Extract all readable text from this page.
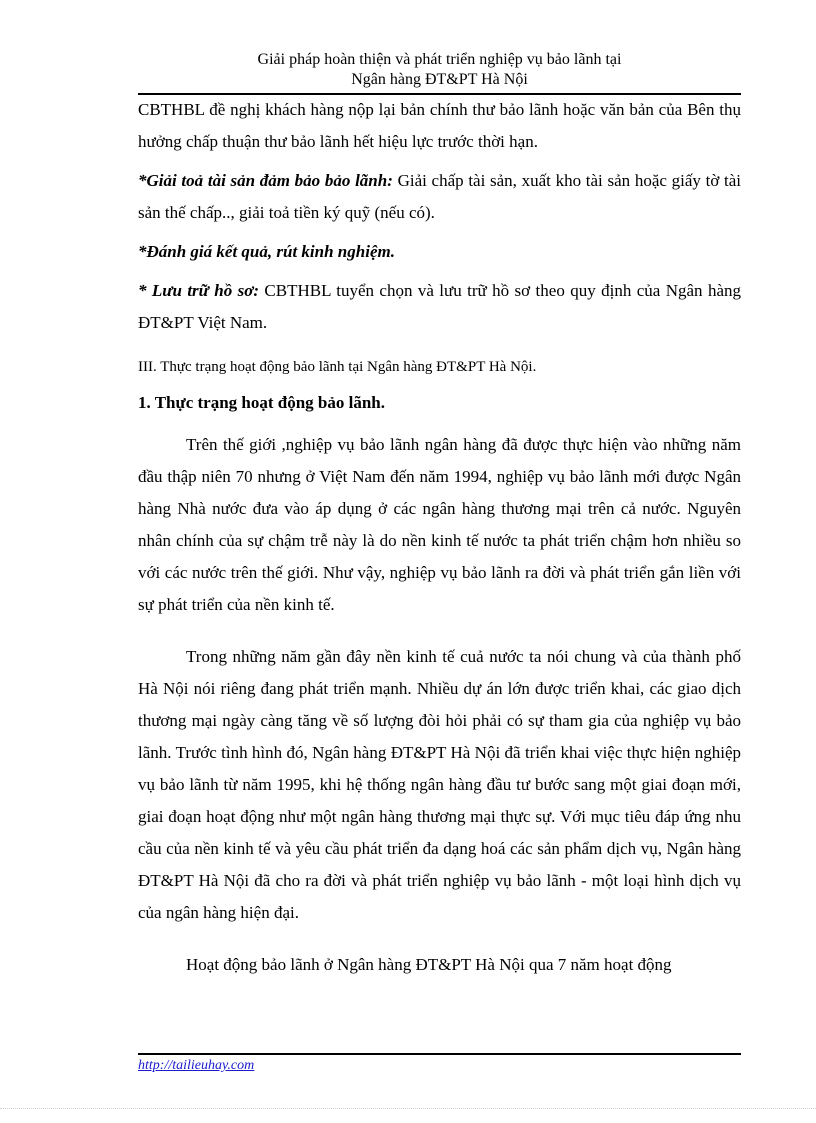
Giải pháp hoàn thiện và phát triển nghiệp vụ bảo lãnh tại
Ngân hàng ĐT&PT Hà Nội

CBTHBL đề nghị khách hàng nộp lại bản chính thư bảo lãnh hoặc văn bản của Bên thụ hưởng chấp thuận thư bảo lãnh hết hiệu lực trước thời hạn.

*Giải toả tài sản đảm bảo bảo lãnh: Giải chấp tài sản, xuất kho tài sản hoặc giấy tờ tài sản thế chấp.., giải toả tiền ký quỹ (nếu có).

*Đánh giá kết quả, rút kinh nghiệm.

* Lưu trữ hồ sơ: CBTHBL tuyển chọn và lưu trữ hồ sơ theo quy định của Ngân hàng ĐT&PT Việt Nam.

III. Thực trạng hoạt động bảo lãnh tại Ngân hàng ĐT&PT Hà Nội.

1. Thực trạng hoạt động bảo lãnh.

Trên thế giới ,nghiệp vụ bảo lãnh ngân hàng đã được thực hiện vào những năm đầu thập niên 70 nhưng ở Việt Nam đến năm 1994, nghiệp vụ bảo lãnh mới được Ngân hàng Nhà nước đưa vào áp dụng ở các ngân hàng thương mại trên cả nước. Nguyên nhân chính của sự chậm trễ này là do nền kinh tế nước ta phát triển chậm hơn nhiều so với các nước trên thế giới. Như vậy, nghiệp vụ bảo lãnh ra đời và phát triển gắn liền với sự phát triển của nền kinh tế.

Trong những năm gần đây nền kinh tế cuả nước ta nói chung và của thành phố Hà Nội nói riêng đang phát triển mạnh. Nhiều dự án lớn được triển khai, các giao dịch thương mại ngày càng tăng về số lượng đòi hỏi phải có sự tham gia của nghiệp vụ bảo lãnh. Trước tình hình đó, Ngân hàng ĐT&PT Hà Nội đã triển khai việc thực hiện nghiệp vụ bảo lãnh từ năm 1995, khi hệ thống ngân hàng đầu tư bước sang một giai đoạn mới, giai đoạn hoạt động như một ngân hàng thương mại thực sự. Với mục tiêu đáp ứng nhu cầu của nền kinh tế và yêu cầu phát triển đa dạng hoá các sản phẩm dịch vụ, Ngân hàng ĐT&PT Hà Nội đã cho ra đời và phát triển nghiệp vụ bảo lãnh - một loại hình dịch vụ của ngân hàng hiện đại.

Hoạt động bảo lãnh ở Ngân hàng ĐT&PT Hà Nội qua 7 năm hoạt động

http://tailieuhay.com
